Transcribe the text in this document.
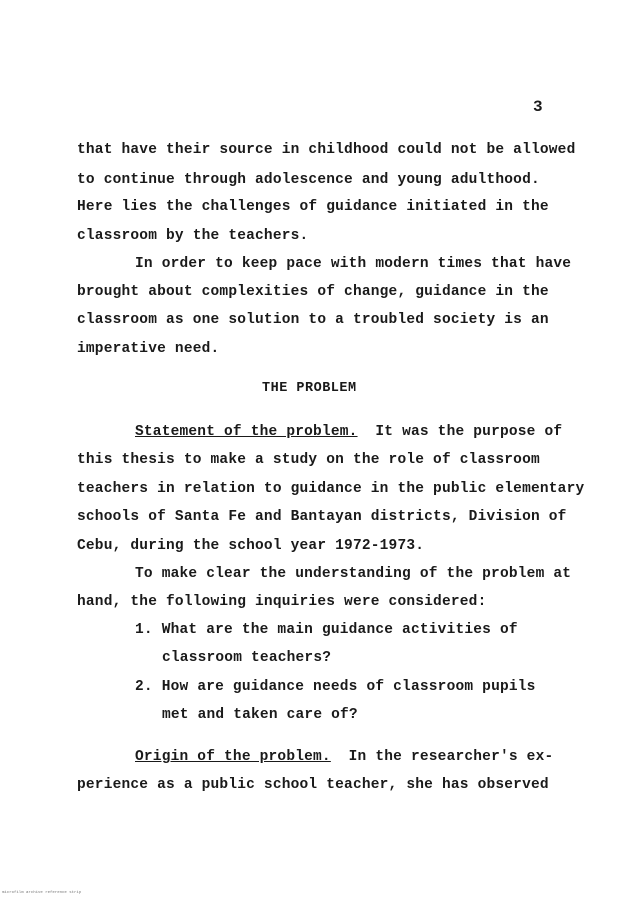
3
that have their source in childhood could not be allowed
to continue through adolescence and young adulthood.
Here lies the challenges of guidance initiated in the
classroom by the teachers.
In order to keep pace with modern times that have
brought about complexities of change, guidance in the
classroom as one solution to a troubled society is an
imperative need.
THE PROBLEM
Statement of the problem. It was the purpose of
this thesis to make a study on the role of classroom
teachers in relation to guidance in the public elementary
schools of Santa Fe and Bantayan districts, Division of
Cebu, during the school year 1972-1973.
To make clear the understanding of the problem at
hand, the following inquiries were considered:
1. What are the main guidance activities of
classroom teachers?
2. How are guidance needs of classroom pupils
met and taken care of?
Origin of the problem. In the researcher's ex-
perience as a public school teacher, she has observed
microfilm archive reference strip
